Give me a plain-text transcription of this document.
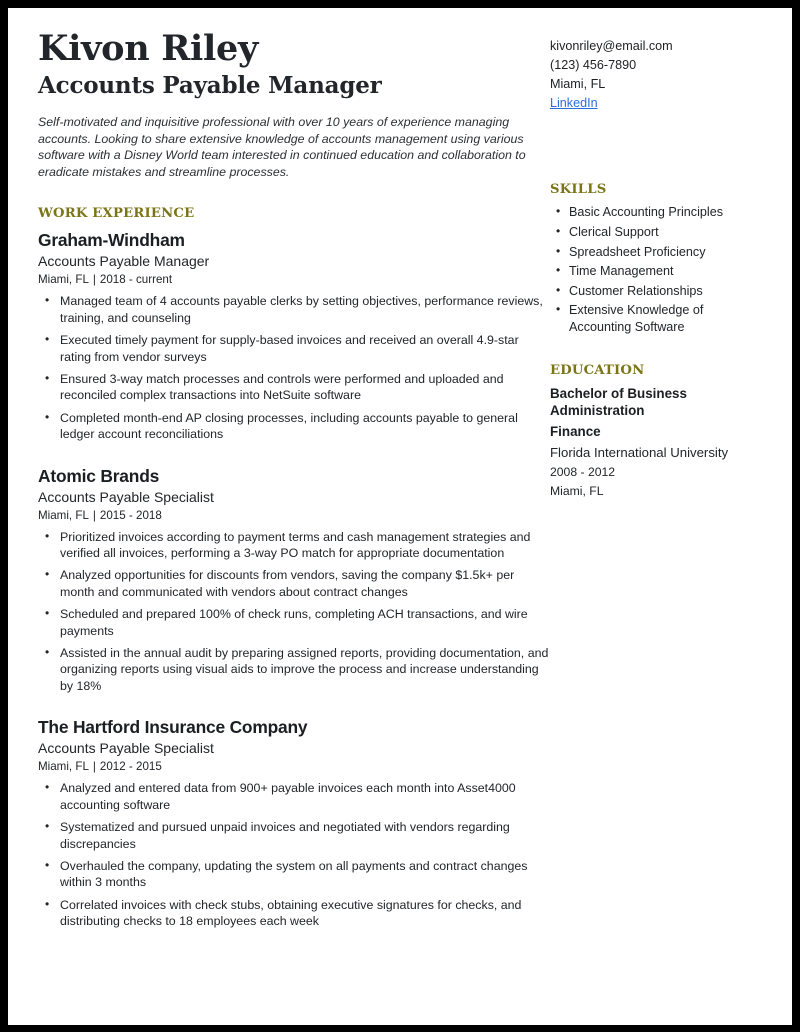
Kivon Riley
Accounts Payable Manager
Self-motivated and inquisitive professional with over 10 years of experience managing accounts. Looking to share extensive knowledge of accounts management using various software with a Disney World team interested in continued education and collaboration to eradicate mistakes and streamline processes.
kivonriley@email.com
(123) 456-7890
Miami, FL
LinkedIn
WORK EXPERIENCE
Graham-Windham
Accounts Payable Manager
Miami, FL | 2018 - current
• Managed team of 4 accounts payable clerks by setting objectives, performance reviews, training, and counseling
• Executed timely payment for supply-based invoices and received an overall 4.9-star rating from vendor surveys
• Ensured 3-way match processes and controls were performed and uploaded and reconciled complex transactions into NetSuite software
• Completed month-end AP closing processes, including accounts payable to general ledger account reconciliations
Atomic Brands
Accounts Payable Specialist
Miami, FL | 2015 - 2018
• Prioritized invoices according to payment terms and cash management strategies and verified all invoices, performing a 3-way PO match for appropriate documentation
• Analyzed opportunities for discounts from vendors, saving the company $1.5k+ per month and communicated with vendors about contract changes
• Scheduled and prepared 100% of check runs, completing ACH transactions, and wire payments
• Assisted in the annual audit by preparing assigned reports, providing documentation, and organizing reports using visual aids to improve the process and increase understanding by 18%
The Hartford Insurance Company
Accounts Payable Specialist
Miami, FL | 2012 - 2015
• Analyzed and entered data from 900+ payable invoices each month into Asset4000 accounting software
• Systematized and pursued unpaid invoices and negotiated with vendors regarding discrepancies
• Overhauled the company, updating the system on all payments and contract changes within 3 months
• Correlated invoices with check stubs, obtaining executive signatures for checks, and distributing checks to 18 employees each week
SKILLS
• Basic Accounting Principles
• Clerical Support
• Spreadsheet Proficiency
• Time Management
• Customer Relationships
• Extensive Knowledge of Accounting Software
EDUCATION
Bachelor of Business Administration
Finance
Florida International University
2008 - 2012
Miami, FL
